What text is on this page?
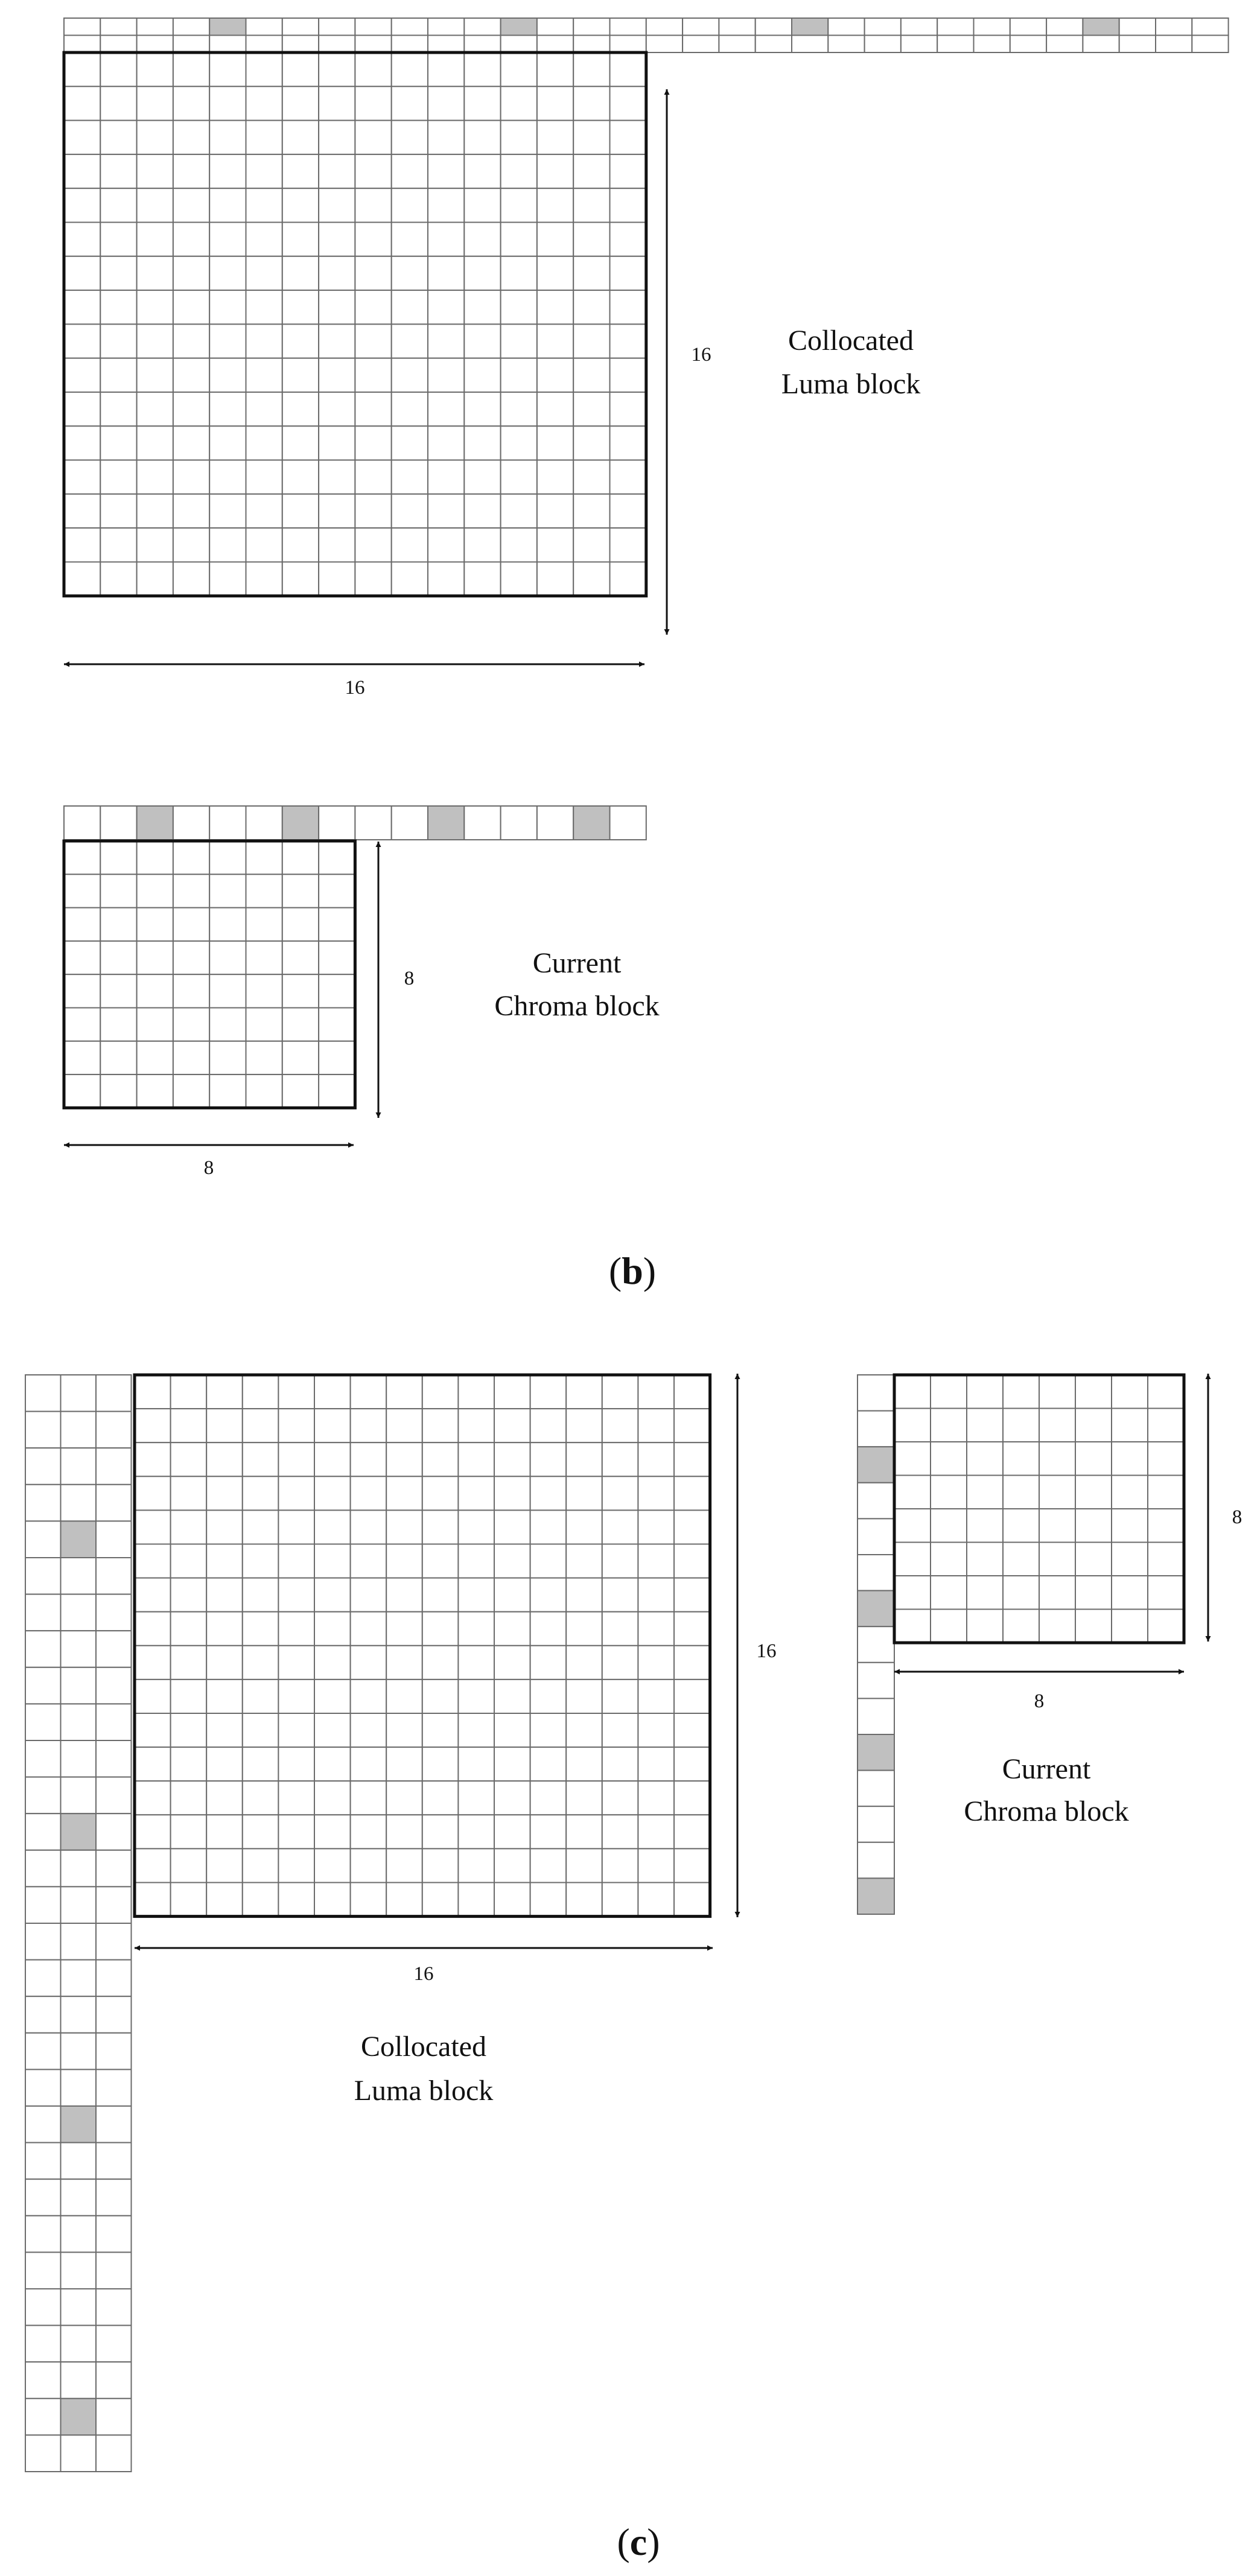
16
16
Collocated
Luma block
8
8
Current
Chroma block
(b)
16
16
Collocated
Luma block
8
8
Current
Chroma block
(c)
